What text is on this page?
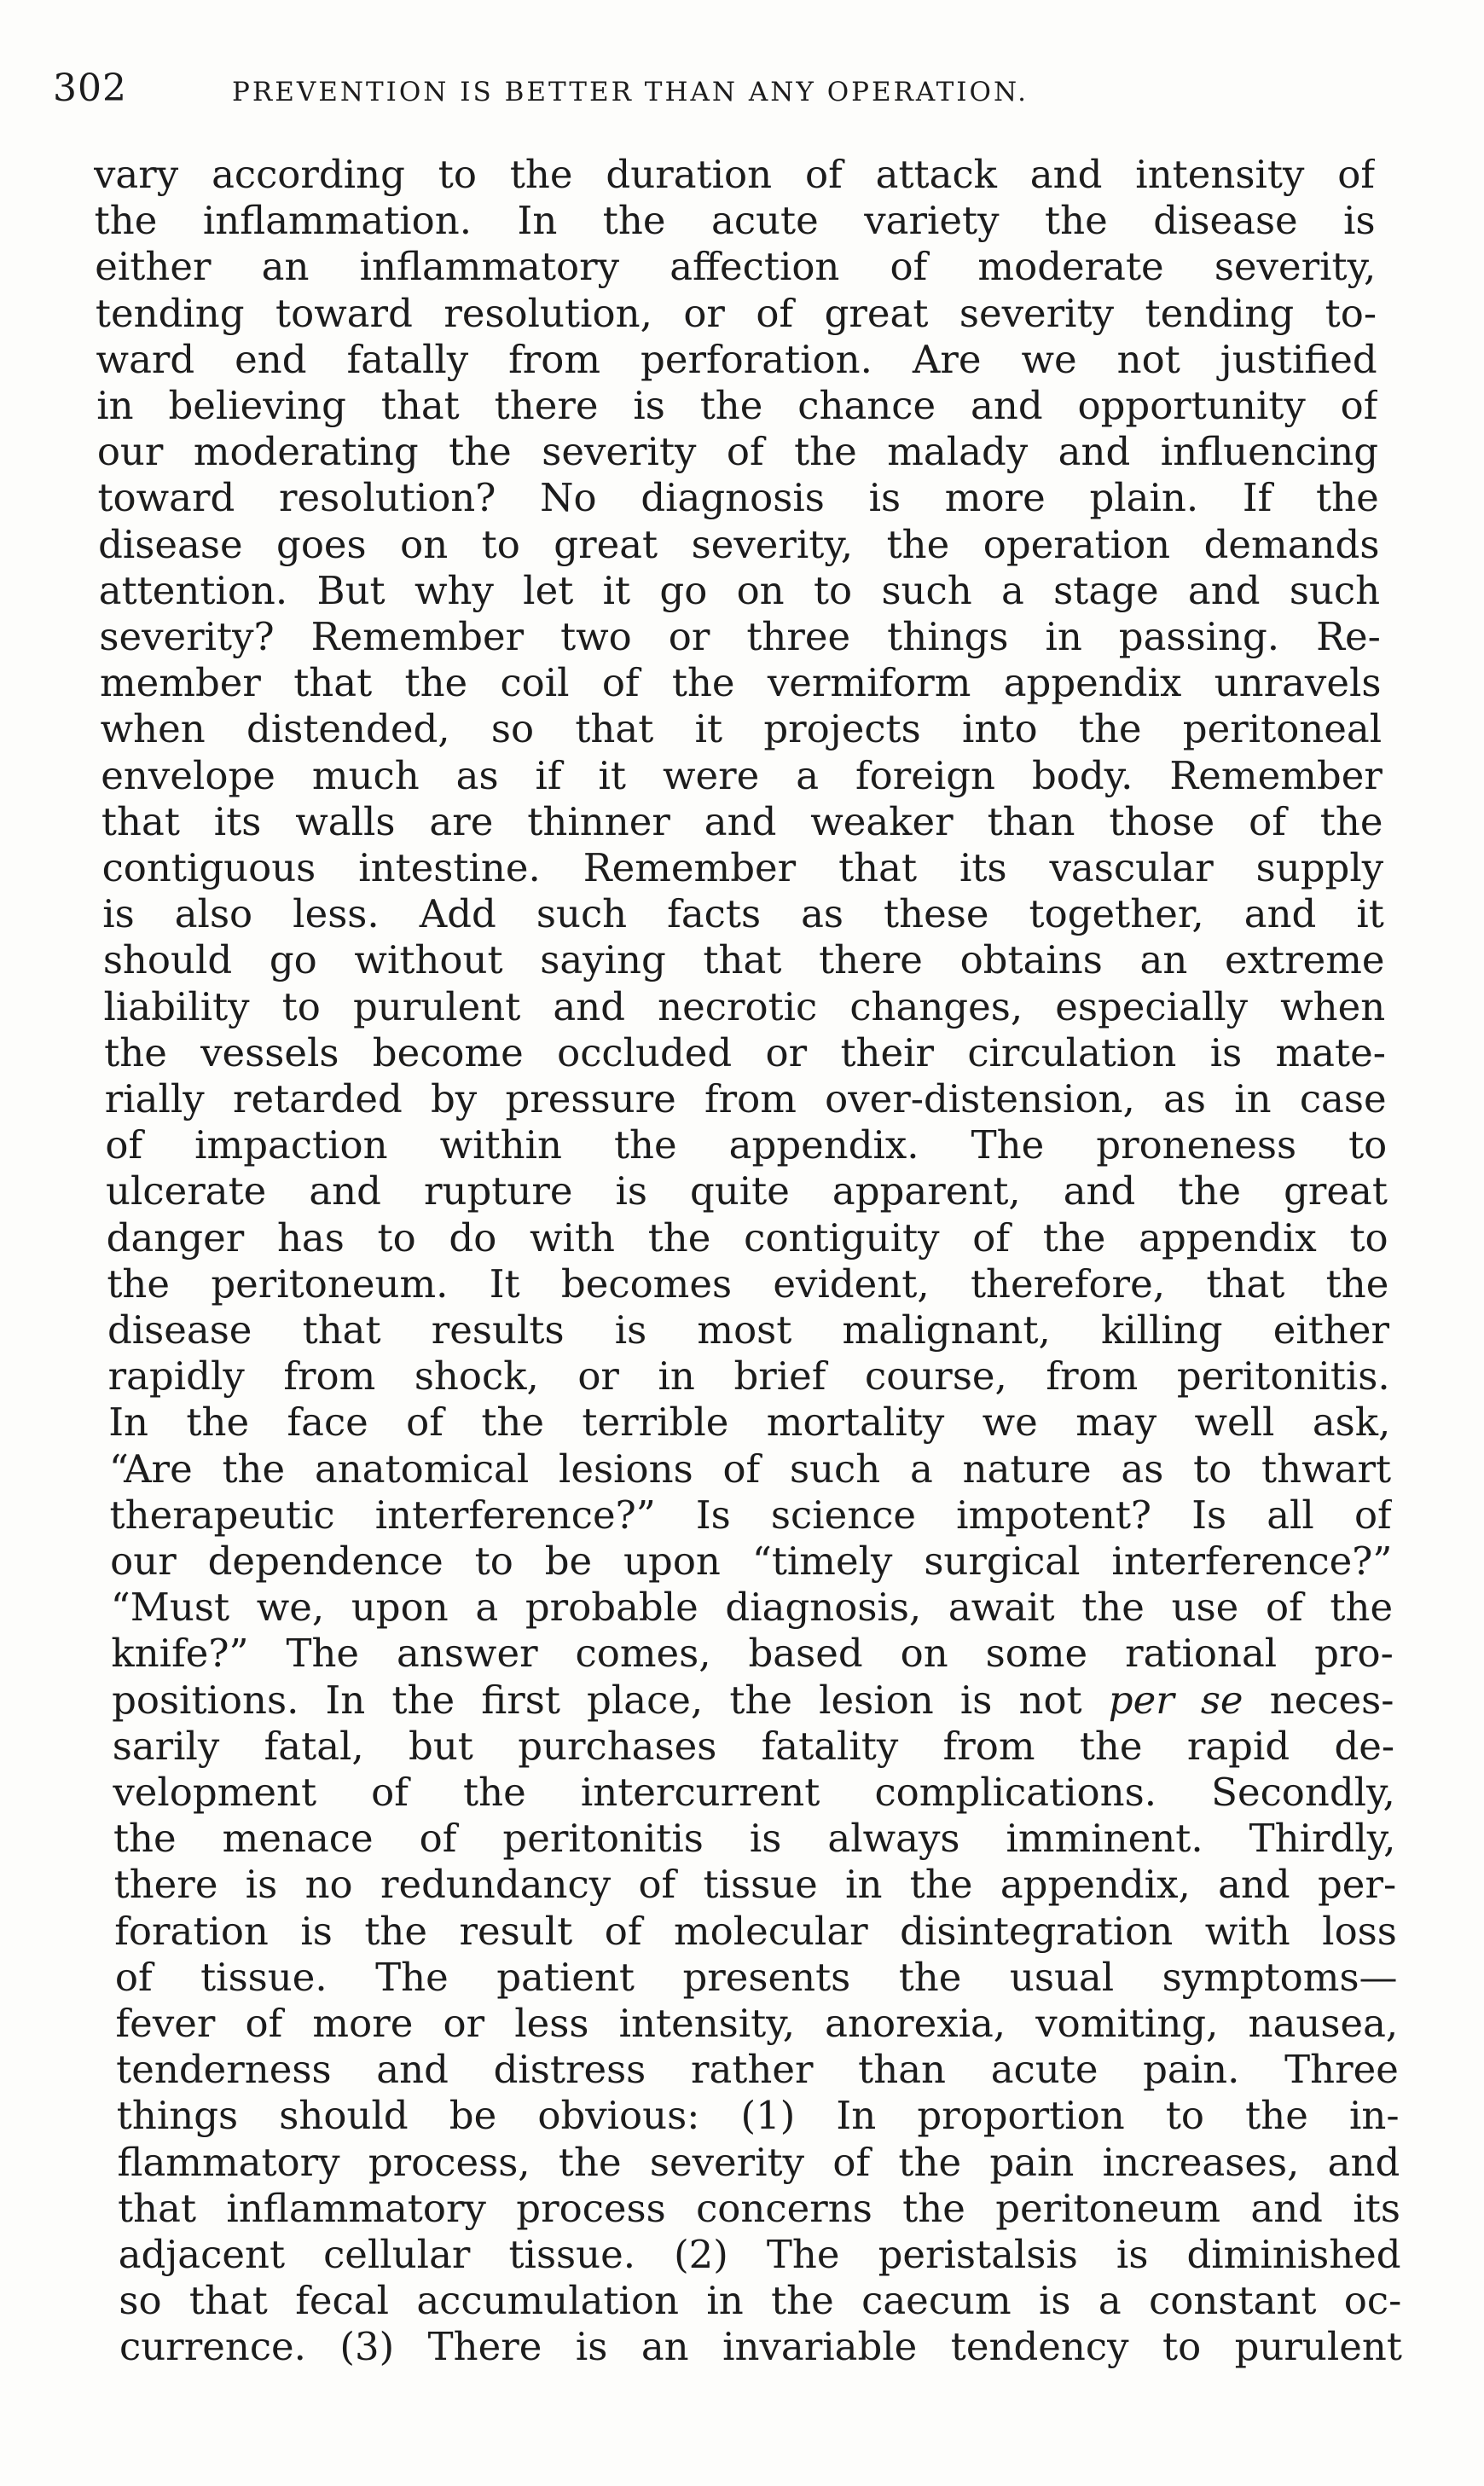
302	PREVENTION IS BETTER THAN ANY OPERATION.
vary according to the duration of attack and intensity of
the inflammation. In the acute variety the disease is
either an inflammatory affection of moderate severity,
tending toward resolution, or of great severity tending to-
ward end fatally from perforation. Are we not justified
in believing that there is the chance and opportunity of
our moderating the severity of the malady and influencing
toward resolution? No diagnosis is more plain. If the
disease goes on to great severity, the operation demands
attention. But why let it go on to such a stage and such
severity? Remember two or three things in passing. Re-
member that the coil of the vermiform appendix unravels
when distended, so that it projects into the peritoneal
envelope much as if it were a foreign body. Remember
that its walls are thinner and weaker than those of the
contiguous intestine. Remember that its vascular supply
is also less. Add such facts as these together, and it
should go without saying that there obtains an extreme
liability to purulent and necrotic changes, especially when
the vessels become occluded or their circulation is mate-
rially retarded by pressure from over-distension, as in case
of impaction within the appendix. The proneness to
ulcerate and rupture is quite apparent, and the great
danger has to do with the contiguity of the appendix to
the peritoneum. It becomes evident, therefore, that the
disease that results is most malignant, killing either
rapidly from shock, or in brief course, from peritonitis.
In the face of the terrible mortality we may well ask,
“Are the anatomical lesions of such a nature as to thwart
therapeutic interference?” Is science impotent? Is all of
our dependence to be upon “timely surgical interference?”
“Must we, upon a probable diagnosis, await the use of the
knife?” The answer comes, based on some rational pro-
positions. In the first place, the lesion is not per se neces-
sarily fatal, but purchases fatality from the rapid de-
velopment of the intercurrent complications. Secondly,
the menace of peritonitis is always imminent. Thirdly,
there is no redundancy of tissue in the appendix, and per-
foration is the result of molecular disintegration with loss
of tissue. The patient presents the usual symptoms—
fever of more or less intensity, anorexia, vomiting, nausea,
tenderness and distress rather than acute pain. Three
things should be obvious: (1) In proportion to the in-
flammatory process, the severity of the pain increases, and
that inflammatory process concerns the peritoneum and its
adjacent cellular tissue. (2) The peristalsis is diminished
so that fecal accumulation in the caecum is a constant oc-
currence. (3) There is an invariable tendency to purulent
